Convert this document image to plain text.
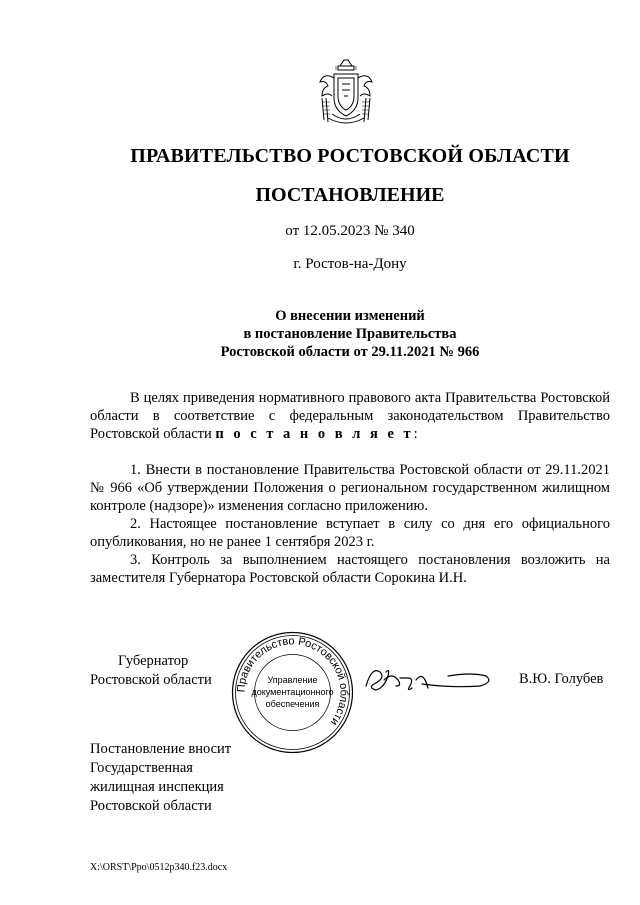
ПРАВИТЕЛЬСТВО РОСТОВСКОЙ ОБЛАСТИ
ПОСТАНОВЛЕНИЕ
от 12.05.2023 № 340
г. Ростов-на-Дону
О внесении изменений
в постановление Правительства
Ростовской области от 29.11.2021 № 966

В целях приведения нормативного правового акта Правительства Ростовской области в соответствие с федеральным законодательством Правительство Ростовской области п о с т а н о в л я е т:

1. Внести в постановление Правительства Ростовской области от 29.11.2021 № 966 «Об утверждении Положения о региональном государственном жилищном контроле (надзоре)» изменения согласно приложению.

2. Настоящее постановление вступает в силу со дня его официального опубликования, но не ранее 1 сентября 2023 г.

3. Контроль за выполнением настоящего постановления возложить на заместителя Губернатора Ростовской области Сорокина И.Н.

Губернатор
Ростовской области
Правительство Ростовской области
Управление
документационного
обеспечения
В.Ю. Голубев
Постановление вносит
Государственная
жилищная инспекция
Ростовской области
X:\ORST\Ppo\0512p340.f23.docx
